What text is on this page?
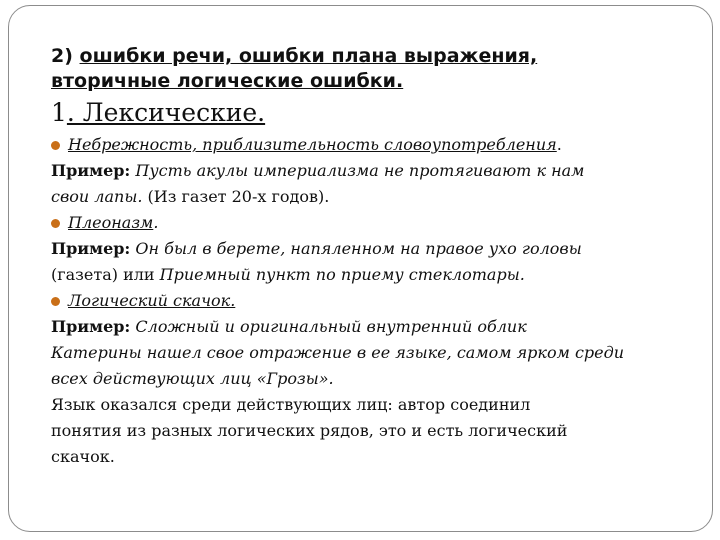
2) ошибки речи, ошибки плана выражения,
вторичные логические ошибки.

1. Лексические.

Небрежность, приблизительность словоупотребления .

Пример: Пусть акулы империализма не протягивают к нам

свои лапы. (Из газет 20-х годов).

Плеоназм .

Пример: Он был в берете, напяленном на правое ухо головы

(газета) или Приемный пункт по приему стеклотары.

Логический скачок.

Пример: Сложный и оригинальный внутренний облик

Катерины нашел свое отражение в ее языке, самом ярком среди

всех действующих лиц «Грозы».

Язык оказался среди действующих лиц: автор соединил

понятия из разных логических рядов, это и есть логический

скачок.
